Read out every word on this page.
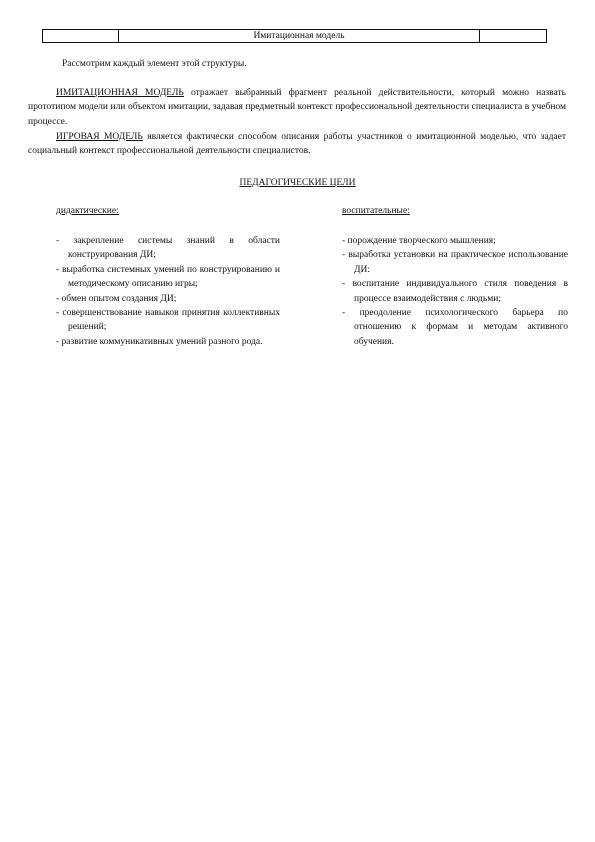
	Имитационная модель	
Рассмотрим каждый элемент этой структуры.
ИМИТАЦИОННАЯ МОДЕЛЬ отражает выбранный фрагмент реальной действительности, который можно назвать прототипом модели или объектом имитации, задавая предметный контекст профессиональной деятельности специалиста в учебном процессе.
ИГРОВАЯ МОДЕЛЬ является фактически способом описания работы участников о имитационной моделью, что задает социальный контекст профессиональной деятельности специалистов.
ПЕДАГОГИЧЕСКИЕ ЦЕЛИ
дидактические:	воспитательные:
- закрепление системы знаний в области конструирования ДИ;
- выработка системных умений по конструированию и методическому описанию игры;
- обмен опытом создания ДИ;
- совершенствование навыков принятия коллективных решений;
- развитие коммуникативных умений разного рода.
- порождение творческого мышления;
- выработка установки на практическое использование ДИ:
- воспитание индивидуального стиля поведения в процессе взаимодействия с людьми;
- преодоление психологического барьера по отношению к формам и методам активного обучения.
